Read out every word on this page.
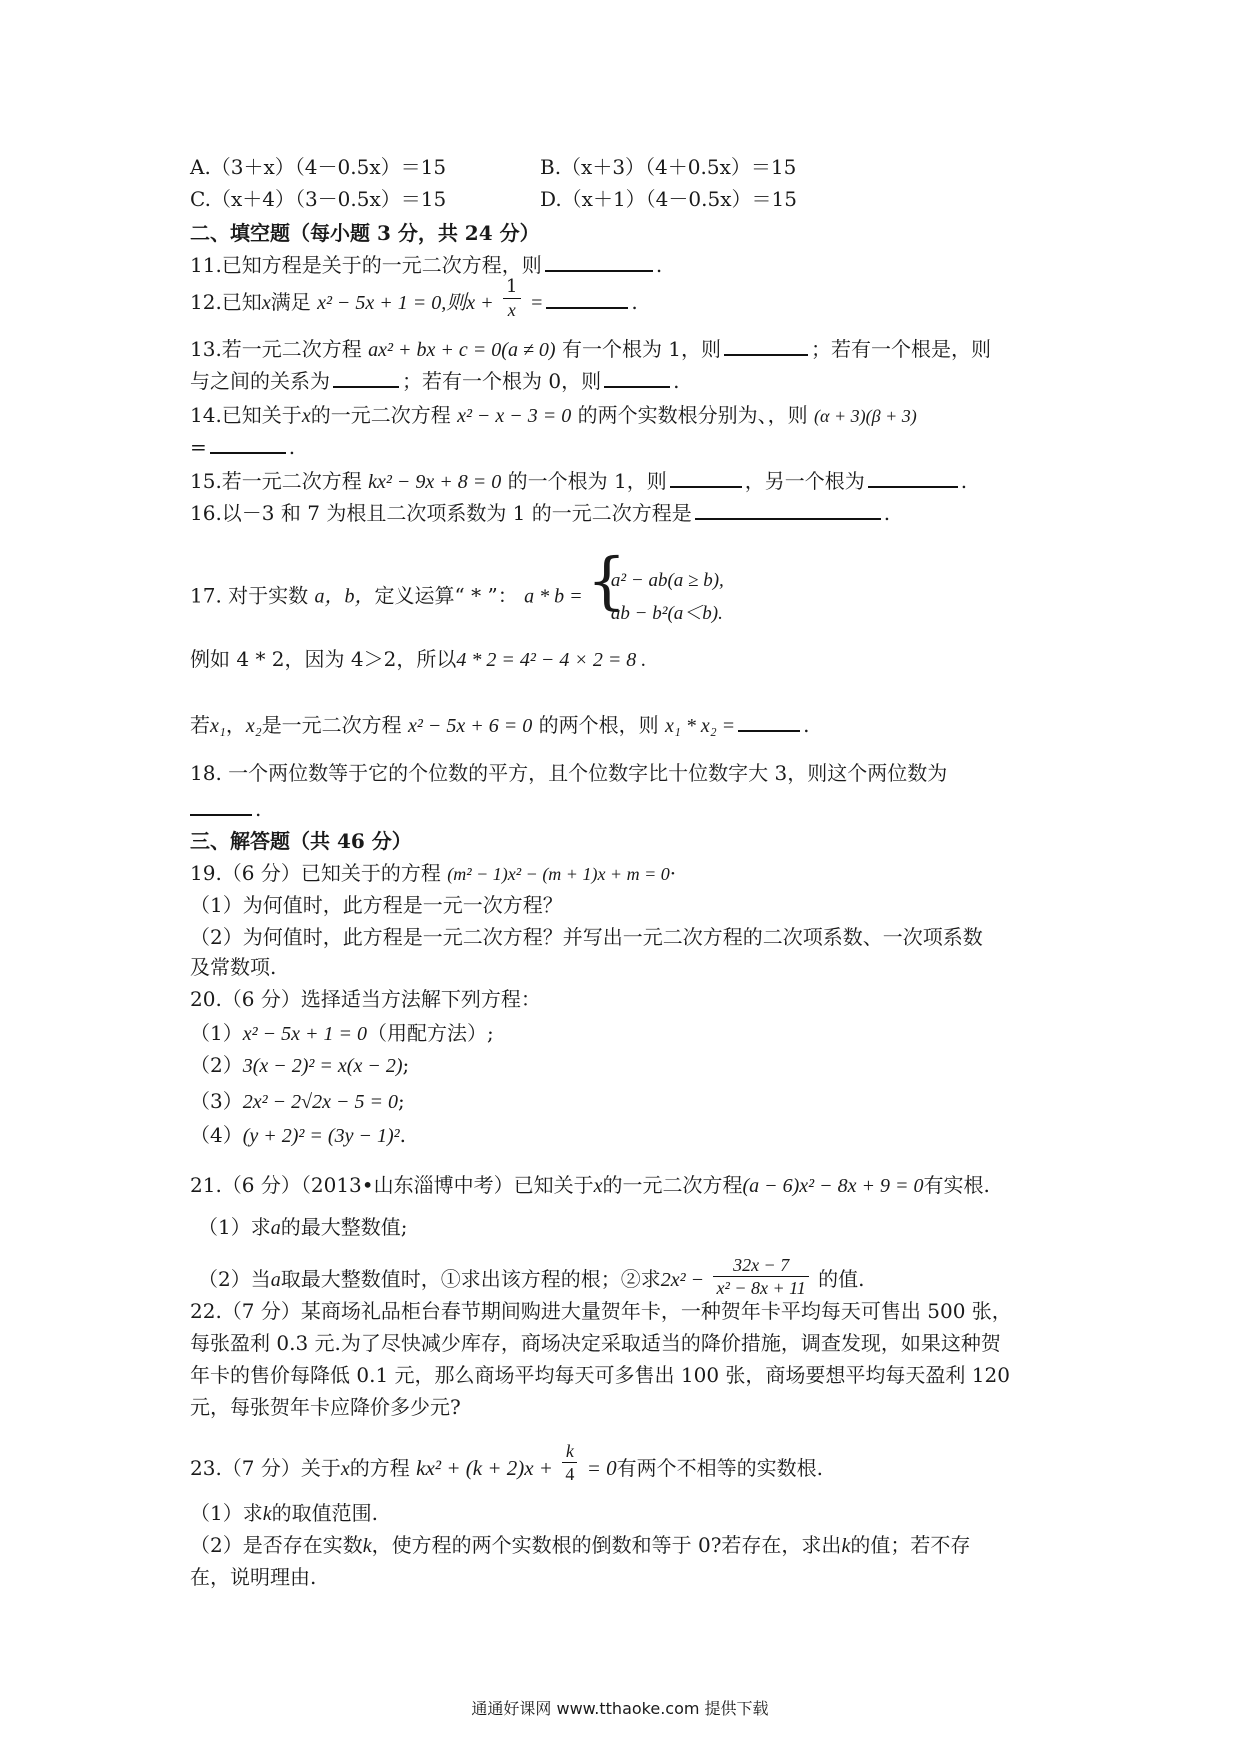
A.（3＋x）（4－0.5x）＝15	B.（x＋3）（4＋0.5x）＝15
C.（x＋4）（3－0.5x）＝15	D.（x＋1）（4－0.5x）＝15
二、填空题（每小题 3 分，共 24 分）
11.已知方程是关于的一元二次方程，则	.
12.已知x满足 x² − 5x + 1 = 0,则$x + \frac{1}{x}$ =	.
13.若一元二次方程 ax² + bx + c = 0(a ≠ 0) 有一个根为 1，则	；若有一个根是，则
与之间的关系为	；若有一个根为 0，则	.
14.已知关于x的一元二次方程 x² − x − 3 = 0 的两个实数根分别为、，则 (α + 3)(β + 3)
=	.
15.若一元二次方程 kx² − 9x + 8 = 0 的一个根为 1，则	，另一个根为	.
16.以－3 和 7 为根且二次项系数为 1 的一元二次方程是	.
17. 对于实数 a，b，定义运算“ * ”： a * b = {
a² − ab(a ≥ b),
ab − b²(a＜b).
例如 4 * 2，因为 4＞2，所以4 * 2 = 4² − 4 × 2 = 8 .
若x₁，x₂是一元二次方程 x² − 5x + 6 = 0 的两个根，则 x₁ * x₂ =	.
18. 一个两位数等于它的个位数的平方，且个位数字比十位数字大 3，则这个两位数为
.
三、解答题（共 46 分）
19.（6 分）已知关于的方程 (m² − 1)x² − (m + 1)x + m = 0·
（1）为何值时，此方程是一元一次方程？
（2）为何值时，此方程是一元二次方程？并写出一元二次方程的二次项系数、一次项系数
及常数项.
20.（6 分）选择适当方法解下列方程：
（1）x² − 5x + 1 = 0（用配方法）;
（2）3(x − 2)² = x(x − 2);
（3）2x² − 2√2x − 5 = 0;
（4）(y + 2)² = (3y − 1)².
21.（6 分）（2013•山东淄博中考）已知关于x的一元二次方程(a − 6)x² − 8x + 9 = 0有实根.
（1）求a的最大整数值;
（2）当a取最大整数值时，①求出该方程的根；②求$2x^2 - \frac{32x - 7}{\text{x² − 8x + 11}}$ 的值.
22.（7 分）某商场礼品柜台春节期间购进大量贺年卡，一种贺年卡平均每天可售出 500 张，
每张盈利 0.3 元.为了尽快减少库存，商场决定采取适当的降价措施，调查发现，如果这种贺
年卡的售价每降低 0.1 元，那么商场平均每天可多售出 100 张，商场要想平均每天盈利 120
元，每张贺年卡应降价多少元?
23.（7 分）关于x的方程 $kx^2 + (k + 2)x + \frac{k}{4} = 0$有两个不相等的实数根.
（1）求k的取值范围.
（2）是否存在实数k，使方程的两个实数根的倒数和等于 0?若存在，求出k的值；若不存
在，说明理由.
通通好课网 www.tthaoke.com 提供下载
